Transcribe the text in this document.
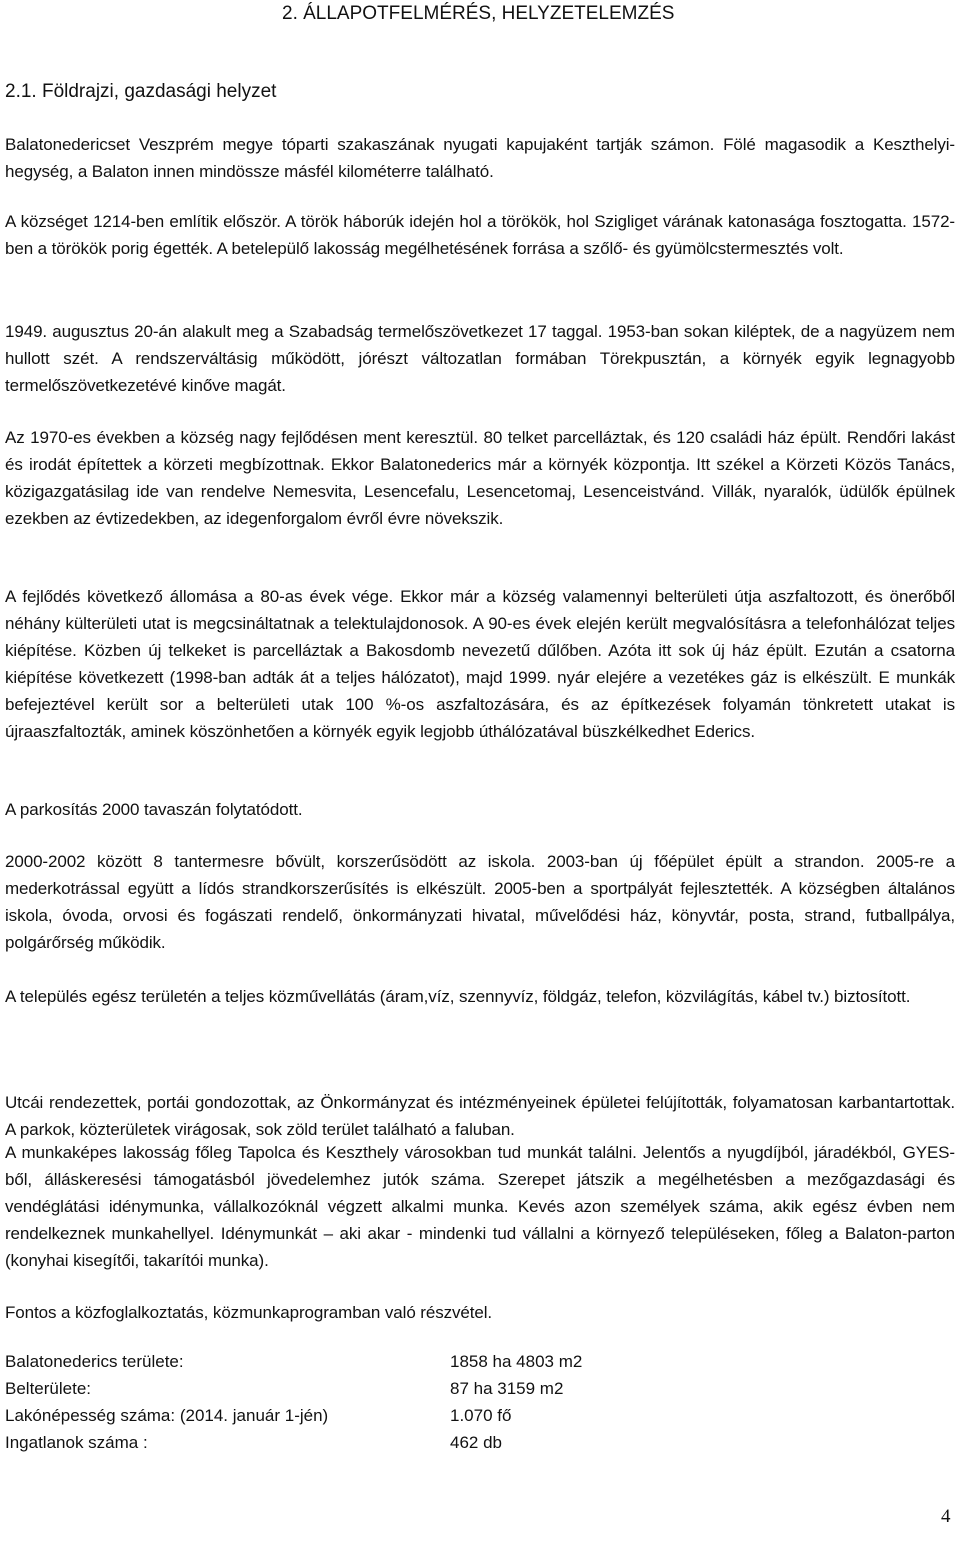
2. ÁLLAPOTFELMÉRÉS, HELYZETELEMZÉS
2.1. Földrajzi, gazdasági helyzet

Balatonedericset Veszprém megye tóparti szakaszának nyugati kapujaként tartják számon. Fölé magasodik a Keszthelyi-hegység, a Balaton innen mindössze másfél kilométerre található.

A községet 1214-ben említik először. A török háborúk idején hol a törökök, hol Szigliget várának katonasága fosztogatta. 1572-ben a törökök porig égették. A betelepülő lakosság megélhetésének forrása a szőlő- és gyümölcstermesztés volt.

1949. augusztus 20-án alakult meg a Szabadság termelőszövetkezet 17 taggal. 1953-ban sokan kiléptek, de a nagyüzem nem hullott szét. A rendszerváltásig működött, jórészt változatlan formában Törekpusztán, a környék egyik legnagyobb termelőszövetkezetévé kinőve magát.

Az 1970-es években a község nagy fejlődésen ment keresztül. 80 telket parcelláztak, és 120 családi ház épült. Rendőri lakást és irodát építettek a körzeti megbízottnak. Ekkor Balatonederics már a környék központja. Itt székel a Körzeti Közös Tanács, közigazgatásilag ide van rendelve Nemesvita, Lesencefalu, Lesencetomaj, Lesenceistvánd. Villák, nyaralók, üdülők épülnek ezekben az évtizedekben, az idegenforgalom évről évre növekszik.

A fejlődés következő állomása a 80-as évek vége. Ekkor már a község valamennyi belterületi útja aszfaltozott, és önerőből néhány külterületi utat is megcsináltatnak a telektulajdonosok. A 90-es évek elején került megvalósításra a telefonhálózat teljes kiépítése. Közben új telkeket is parcelláztak a Bakosdomb nevezetű dűlőben. Azóta itt sok új ház épült. Ezután a csatorna kiépítése következett (1998-ban adták át a teljes hálózatot), majd 1999. nyár elejére a vezetékes gáz is elkészült. E munkák befejeztével került sor a belterületi utak 100 %-os aszfaltozására, és az építkezések folyamán tönkretett utakat is újraaszfaltozták, aminek köszönhetően a környék egyik legjobb úthálózatával büszkélkedhet Ederics.

A parkosítás 2000 tavaszán folytatódott.

2000-2002 között 8 tantermesre bővült, korszerűsödött az iskola. 2003-ban új főépület épült a strandon. 2005-re a mederkotrással együtt a lídós strandkorszerűsítés is elkészült. 2005-ben a sportpályát fejlesztették. A községben általános iskola, óvoda, orvosi és fogászati rendelő, önkormányzati hivatal, művelődési ház, könyvtár, posta, strand, futballpálya, polgárőrség működik.

A település egész területén a teljes közművellátás (áram,víz, szennyvíz, földgáz, telefon, közvilágítás, kábel tv.) biztosított.

Utcái rendezettek, portái gondozottak, az Önkormányzat és intézményeinek épületei felújították, folyamatosan karbantartottak. A parkok, közterületek virágosak, sok zöld terület található a faluban.

A munkaképes lakosság főleg Tapolca és Keszthely városokban tud munkát találni. Jelentős a nyugdíjból, járadékból, GYES-ből, álláskeresési támogatásból jövedelemhez jutók száma. Szerepet játszik a megélhetésben a mezőgazdasági és vendéglátási idénymunka, vállalkozóknál végzett alkalmi munka. Kevés azon személyek száma, akik egész évben nem rendelkeznek munkahellyel. Idénymunkát – aki akar - mindenki tud vállalni a környező településeken, főleg a Balaton-parton (konyhai kisegítői, takarítói munka).

Fontos a közfoglalkoztatás, közmunkaprogramban való részvétel.

Balatonederics területe:	1858 ha 4803 m2
Belterülete:	87 ha 3159 m2
Lakónépesség száma: (2014. január 1-jén)	1.070 fő
Ingatlanok száma :	462 db
4
